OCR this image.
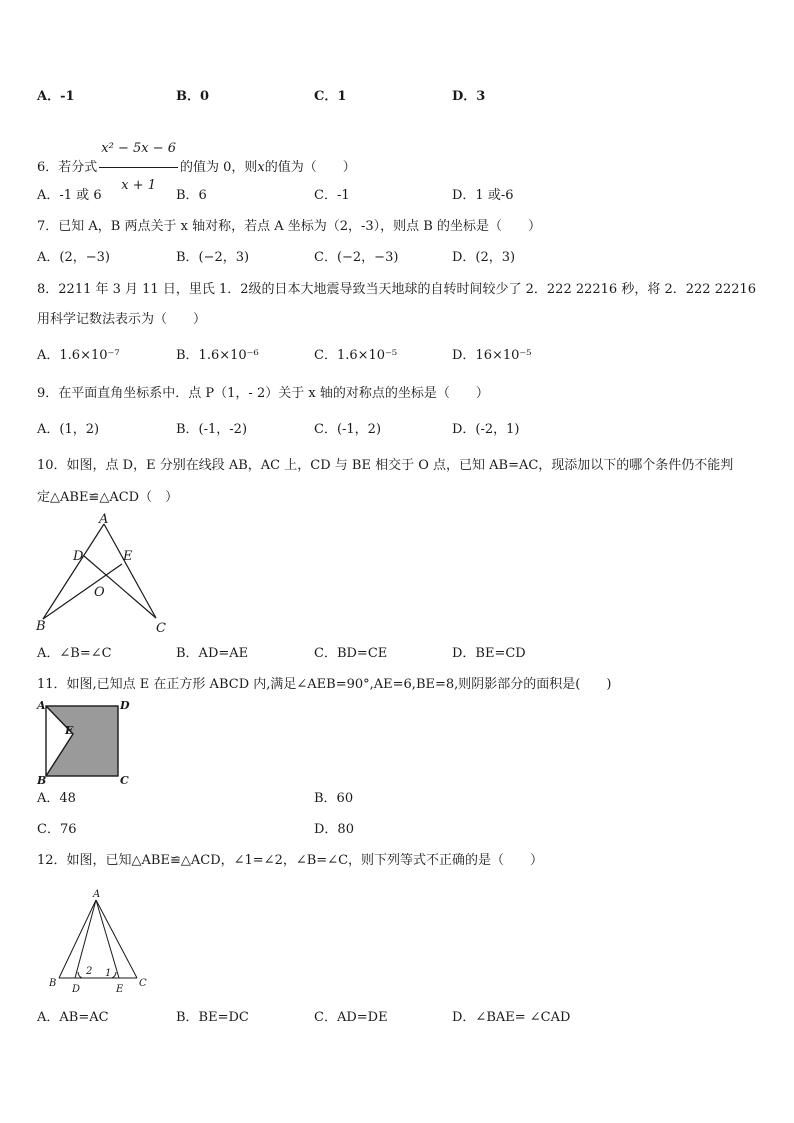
A．-1	B．0	C．1	D．3
6．若分式 $\frac{\text{x² − 5x − 6}}{x + 1}$ 的值为 0，则x的值为（　　）
A．-1 或 6	B．6	C．-1	D．1 或-6
7．已知 A，B 两点关于 x 轴对称，若点 A 坐标为（2，-3），则点 B 的坐标是（　　）
A．(2，−3)	B．(−2，3)	C．(−2，−3)	D．(2，3)
8．2211 年 3 月 11 日，里氏 1．2级的日本大地震导致当天地球的自转时间较少了 2．222 22216 秒，将 2．222 22216
用科学记数法表示为（　　）
A．1.6×10⁻⁷	B．1.6×10⁻⁶	C．1.6×10⁻⁵	D．16×10⁻⁵
9．在平面直角坐标系中．点 P（1，- 2）关于 x 轴的对称点的坐标是（　　）
A．(1，2)	B．(-1，-2)	C．(-1，2)	D．(-2，1)
10．如图，点 D，E 分别在线段 AB，AC 上，CD 与 BE 相交于 O 点，已知 AB=AC，现添加以下的哪个条件仍不能判
定△ABE≌△ACD（　）
A
D	E
O
B	C
A．∠B=∠C	B．AD=AE	C．BD=CE	D．BE=CD
11．如图,已知点 E 在正方形 ABCD 内,满足∠AEB=90°,AE=6,BE=8,则阴影部分的面积是(　　)
A	D
E
B	C
A．48	B．60
C．76	D．80
12．如图，已知△ABE≌△ACD，∠1=∠2，∠B=∠C，则下列等式不正确的是（　　）
A
B
D	E
C
2 1
A．AB=AC	B．BE=DC	C．AD=DE	D．∠BAE= ∠CAD
